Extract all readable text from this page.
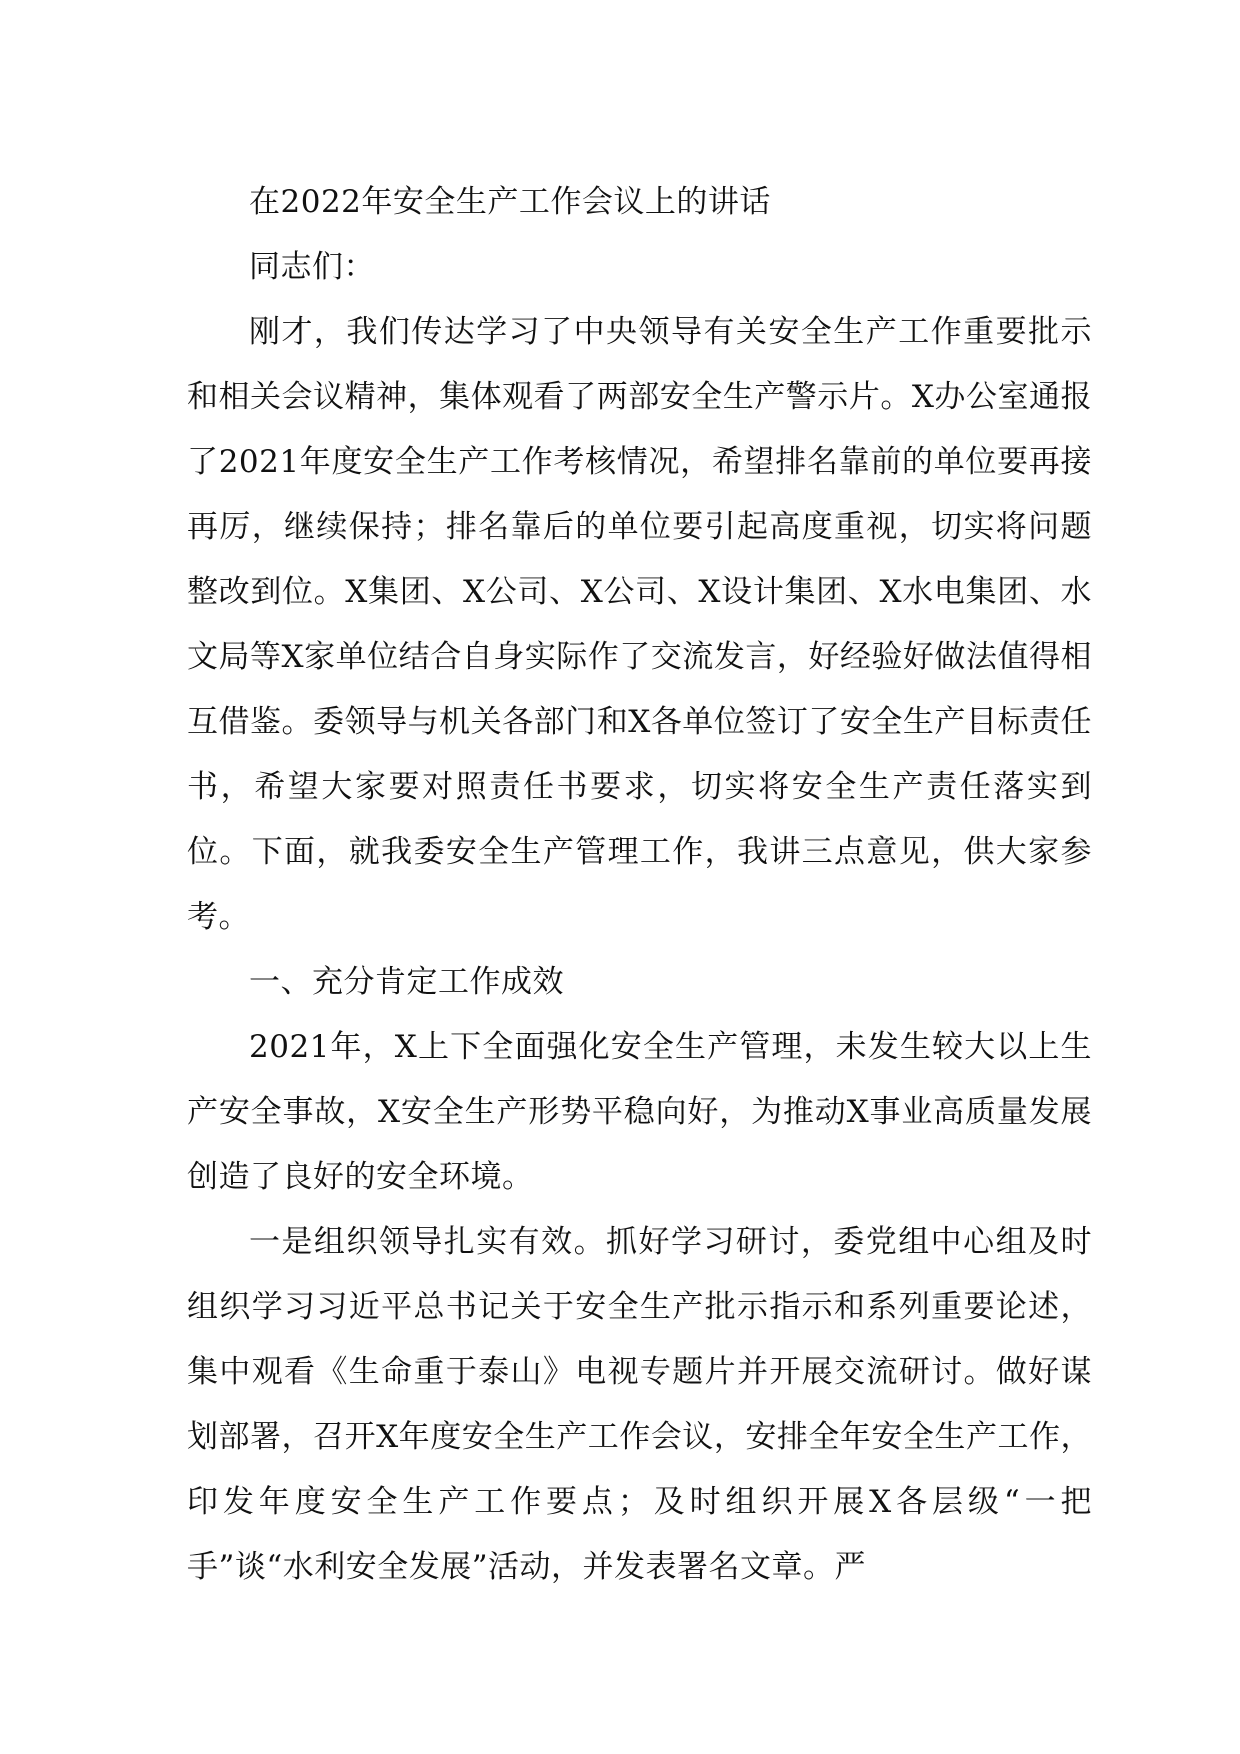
在2022年安全生产工作会议上的讲话

同志们：

刚才，我们传达学习了中央领导有关安全生产工作重要批示和相关会议精神，集体观看了两部安全生产警示片。X办公室通报了2021年度安全生产工作考核情况，希望排名靠前的单位要再接再厉，继续保持；排名靠后的单位要引起高度重视，切实将问题整改到位。X集团、X公司、X公司、X设计集团、X水电集团、水文局等X家单位结合自身实际作了交流发言，好经验好做法值得相互借鉴。委领导与机关各部门和X各单位签订了安全生产目标责任书，希望大家要对照责任书要求，切实将安全生产责任落实到位。下面，就我委安全生产管理工作，我讲三点意见，供大家参考。

一、充分肯定工作成效

2021年，X上下全面强化安全生产管理，未发生较大以上生产安全事故，X安全生产形势平稳向好，为推动X事业高质量发展创造了良好的安全环境。

一是组织领导扎实有效。抓好学习研讨，委党组中心组及时组织学习习近平总书记关于安全生产批示指示和系列重要论述，集中观看《生命重于泰山》电视专题片并开展交流研讨。做好谋划部署，召开X年度安全生产工作会议，安排全年安全生产工作，印发年度安全生产工作要点；及时组织开展X各层级“一把手”谈“水利安全发展”活动，并发表署名文章。严
